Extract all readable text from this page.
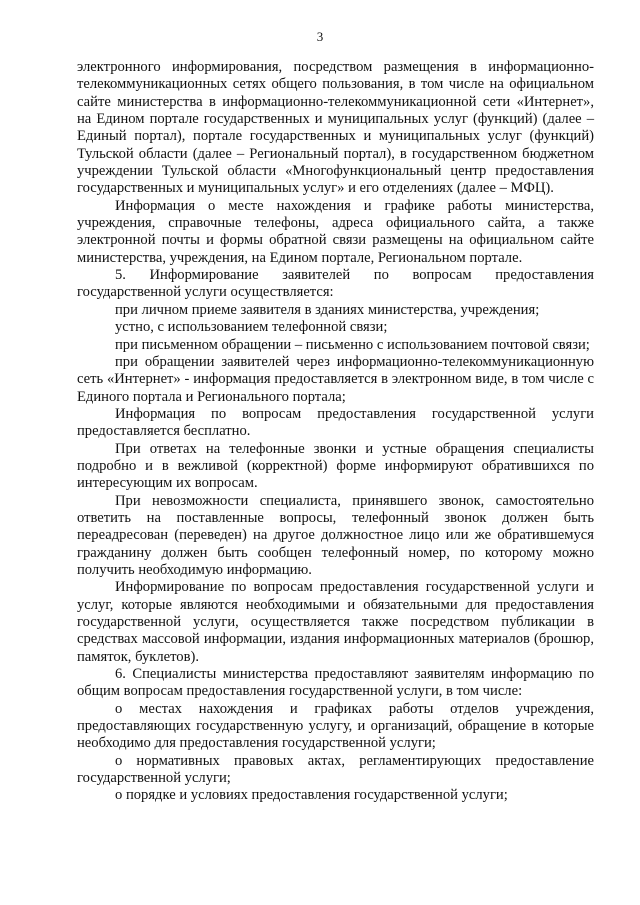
3

электронного информирования, посредством размещения в информационно-телекоммуникационных сетях общего пользования, в том числе на официальном сайте министерства в информационно-телекоммуникационной сети «Интернет», на Едином портале государственных и муниципальных услуг (функций) (далее – Единый портал), портале государственных и муниципальных услуг (функций) Тульской области (далее – Региональный портал), в государственном бюджетном учреждении Тульской области «Многофункциональный центр предоставления государственных и муниципальных услуг» и его отделениях (далее – МФЦ).

Информация о месте нахождения и графике работы министерства, учреждения, справочные телефоны, адреса официального сайта, а также электронной почты и формы обратной связи размещены на официальном сайте министерства, учреждения, на Едином портале, Региональном портале.

5. Информирование заявителей по вопросам предоставления государственной услуги осуществляется:

при личном приеме заявителя в зданиях министерства, учреждения;

устно, с использованием телефонной связи;

при письменном обращении – письменно с использованием почтовой связи;

при обращении заявителей через информационно-телекоммуникационную сеть «Интернет» - информация предоставляется в электронном виде, в том числе с Единого портала и Регионального портала;

Информация по вопросам предоставления государственной услуги предоставляется бесплатно.

При ответах на телефонные звонки и устные обращения специалисты подробно и в вежливой (корректной) форме информируют обратившихся по интересующим их вопросам.

При невозможности специалиста, принявшего звонок, самостоятельно ответить на поставленные вопросы, телефонный звонок должен быть переадресован (переведен) на другое должностное лицо или же обратившемуся гражданину должен быть сообщен телефонный номер, по которому можно получить необходимую информацию.

Информирование по вопросам предоставления государственной услуги и услуг, которые являются необходимыми и обязательными для предоставления государственной услуги, осуществляется также посредством публикации в средствах массовой информации, издания информационных материалов (брошюр, памяток, буклетов).

6. Специалисты министерства предоставляют заявителям информацию по общим вопросам предоставления государственной услуги, в том числе:

о местах нахождения и графиках работы отделов учреждения, предоставляющих государственную услугу, и организаций, обращение в которые необходимо для предоставления государственной услуги;

о нормативных правовых актах, регламентирующих предоставление государственной услуги;

о порядке и условиях предоставления государственной услуги;
